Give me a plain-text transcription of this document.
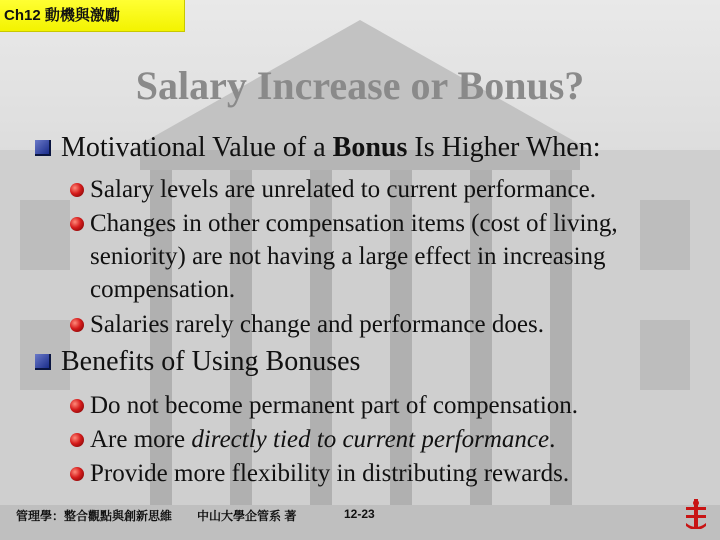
Ch12 動機與激勵
Salary Increase or Bonus?
Motivational Value of a Bonus Is Higher When:
Salary levels are unrelated to current performance.
Changes in other compensation items (cost of living, seniority) are not having a large effect in increasing compensation.
Salaries rarely change and performance does.
Benefits of Using Bonuses
Do not become permanent part of compensation.
Are more directly tied to current performance.
Provide more flexibility in distributing rewards.
管理學：整合觀點與創新思維 中山大學企管系 著	12-23
